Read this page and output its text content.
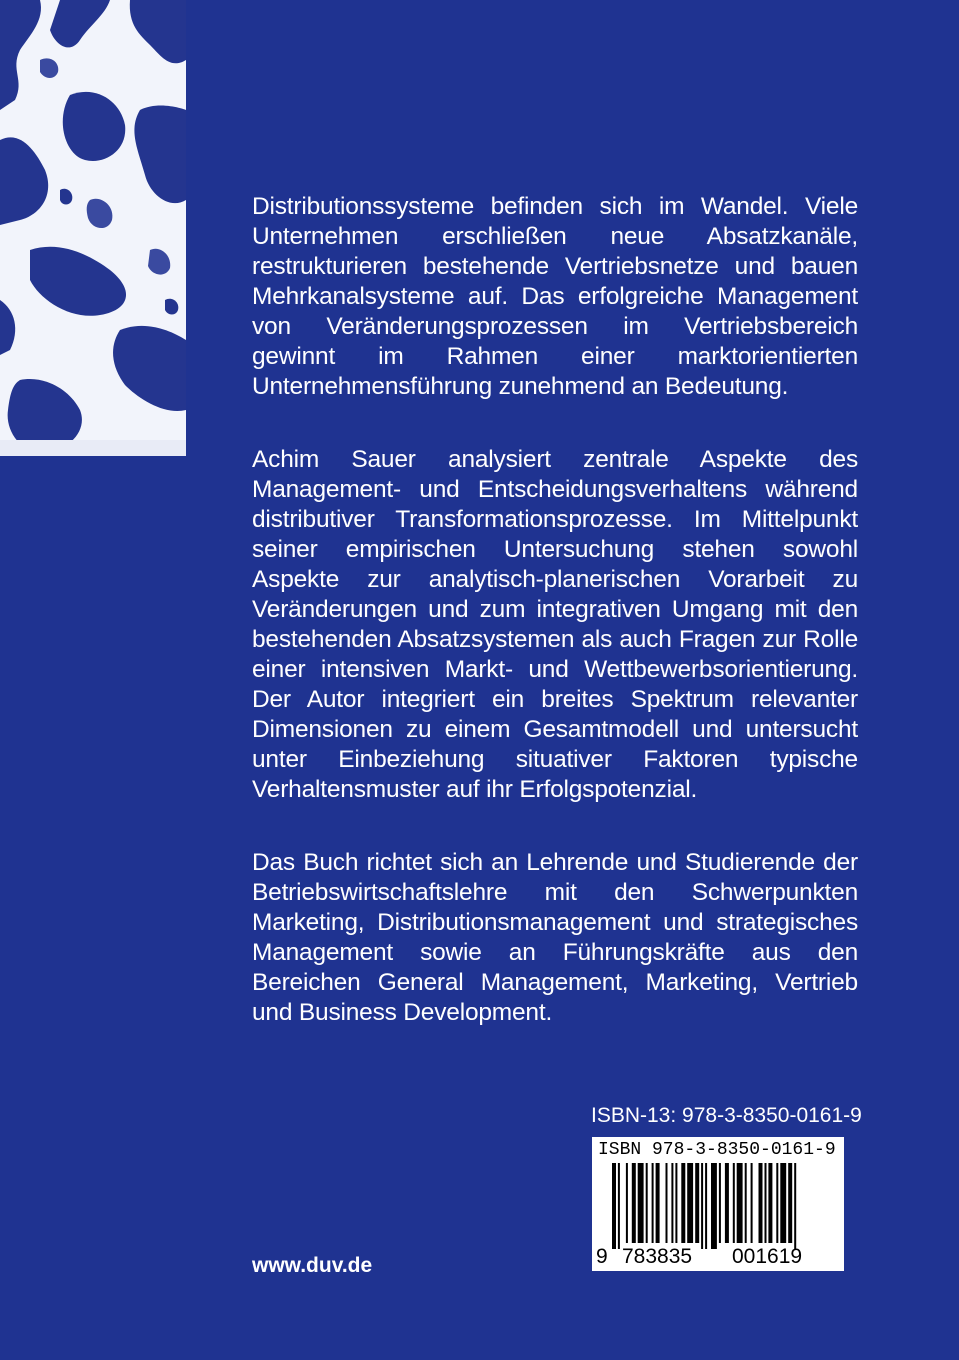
Distributionssysteme befinden sich im Wandel. Viele Unternehmen erschließen neue Absatzkanäle, restrukturieren bestehende Vertriebsnetze und bauen Mehrkanalsysteme auf. Das erfolgreiche Management von Veränderungsprozessen im Vertriebsbereich gewinnt im Rahmen einer marktorientierten Unternehmensführung zunehmend an Bedeutung.

Achim Sauer analysiert zentrale Aspekte des Management- und Entscheidungsverhaltens während distributiver Transformationsprozesse. Im Mittelpunkt seiner empirischen Untersuchung stehen sowohl Aspekte zur analytisch-planerischen Vorarbeit zu Veränderungen und zum integrativen Umgang mit den bestehenden Absatzsystemen als auch Fragen zur Rolle einer intensiven Markt- und Wettbewerbsorientierung. Der Autor integriert ein breites Spektrum relevanter Dimensionen zu einem Gesamtmodell und untersucht unter Einbeziehung situativer Faktoren typische Verhaltensmuster auf ihr Erfolgspotenzial.

Das Buch richtet sich an Lehrende und Studierende der Betriebswirtschaftslehre mit den Schwerpunkten Marketing, Distributionsmanagement und strategisches Management sowie an Führungskräfte aus den Bereichen General Management, Marketing, Vertrieb und Business Development.

ISBN-13: 978-3-8350-0161-9
ISBN 978-3-8350-0161-9
9 783835 001619
www.duv.de
